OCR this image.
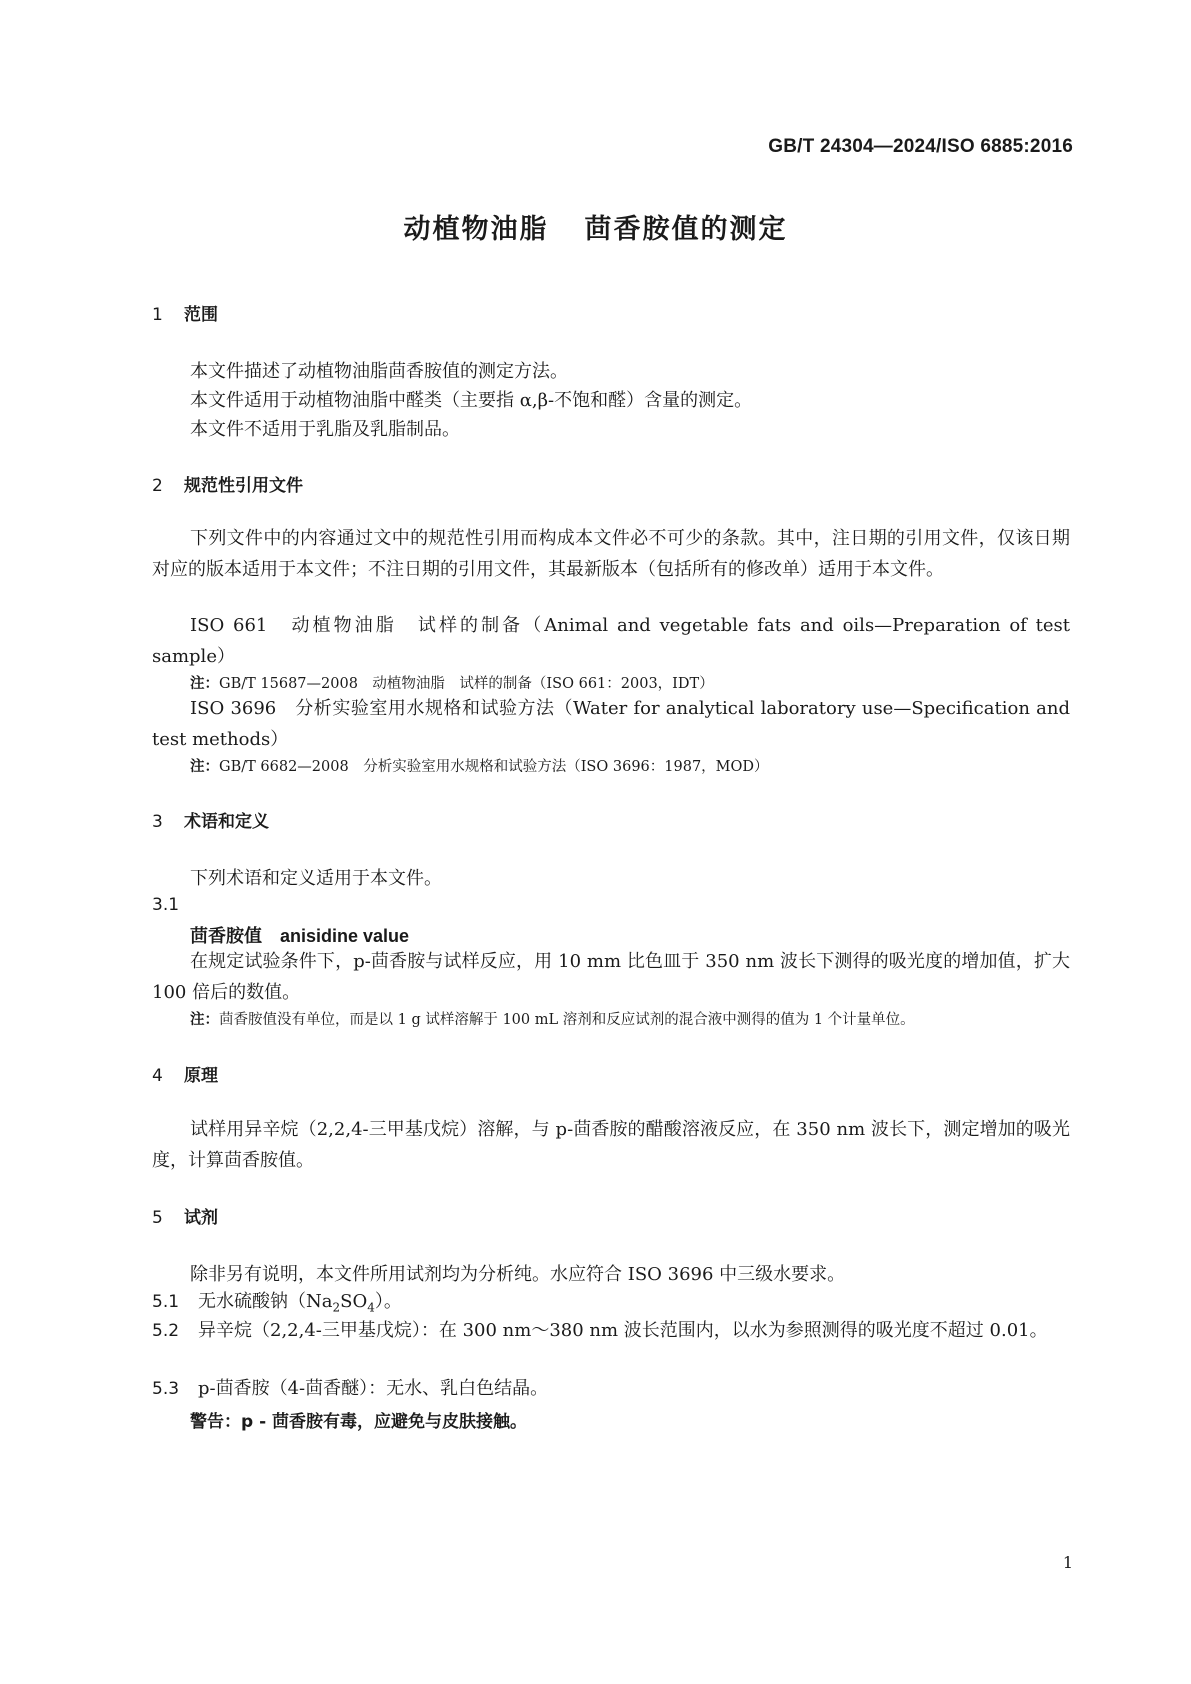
GB/T 24304—2024/ISO 6885:2016
动植物油脂 茴香胺值的测定
1 范围
本文件描述了动植物油脂茴香胺值的测定方法。
本文件适用于动植物油脂中醛类（主要指 α,β-不饱和醛）含量的测定。
本文件不适用于乳脂及乳脂制品。
2 规范性引用文件
下列文件中的内容通过文中的规范性引用而构成本文件必不可少的条款。其中，注日期的引用文件，仅该日期对应的版本适用于本文件；不注日期的引用文件，其最新版本（包括所有的修改单）适用于本文件。
ISO 661　动植物油脂　试样的制备（Animal and vegetable fats and oils—Preparation of test sample）
注：GB/T 15687—2008　动植物油脂　试样的制备（ISO 661：2003，IDT）
ISO 3696　分析实验室用水规格和试验方法（Water for analytical laboratory use—Specification and test methods）
注：GB/T 6682—2008　分析实验室用水规格和试验方法（ISO 3696：1987，MOD）
3 术语和定义
下列术语和定义适用于本文件。
3.1
茴香胺值 anisidine value
在规定试验条件下，p-茴香胺与试样反应，用 10 mm 比色皿于 350 nm 波长下测得的吸光度的增加值，扩大 100 倍后的数值。
注：茴香胺值没有单位，而是以 1 g 试样溶解于 100 mL 溶剂和反应试剂的混合液中测得的值为 1 个计量单位。
4 原理
试样用异辛烷（2,2,4-三甲基戊烷）溶解，与 p-茴香胺的醋酸溶液反应，在 350 nm 波长下，测定增加的吸光度，计算茴香胺值。
5 试剂
除非另有说明，本文件所用试剂均为分析纯。水应符合 ISO 3696 中三级水要求。
5.1 无水硫酸钠$(Na_2SO_4)$。
5.2 异辛烷（2,2,4-三甲基戊烷）：在 300 nm～380 nm 波长范围内，以水为参照测得的吸光度不超过 0.01。
5.3 p-茴香胺（4-茴香醚）：无水、乳白色结晶。
警告：p - 茴香胺有毒，应避免与皮肤接触。
1
